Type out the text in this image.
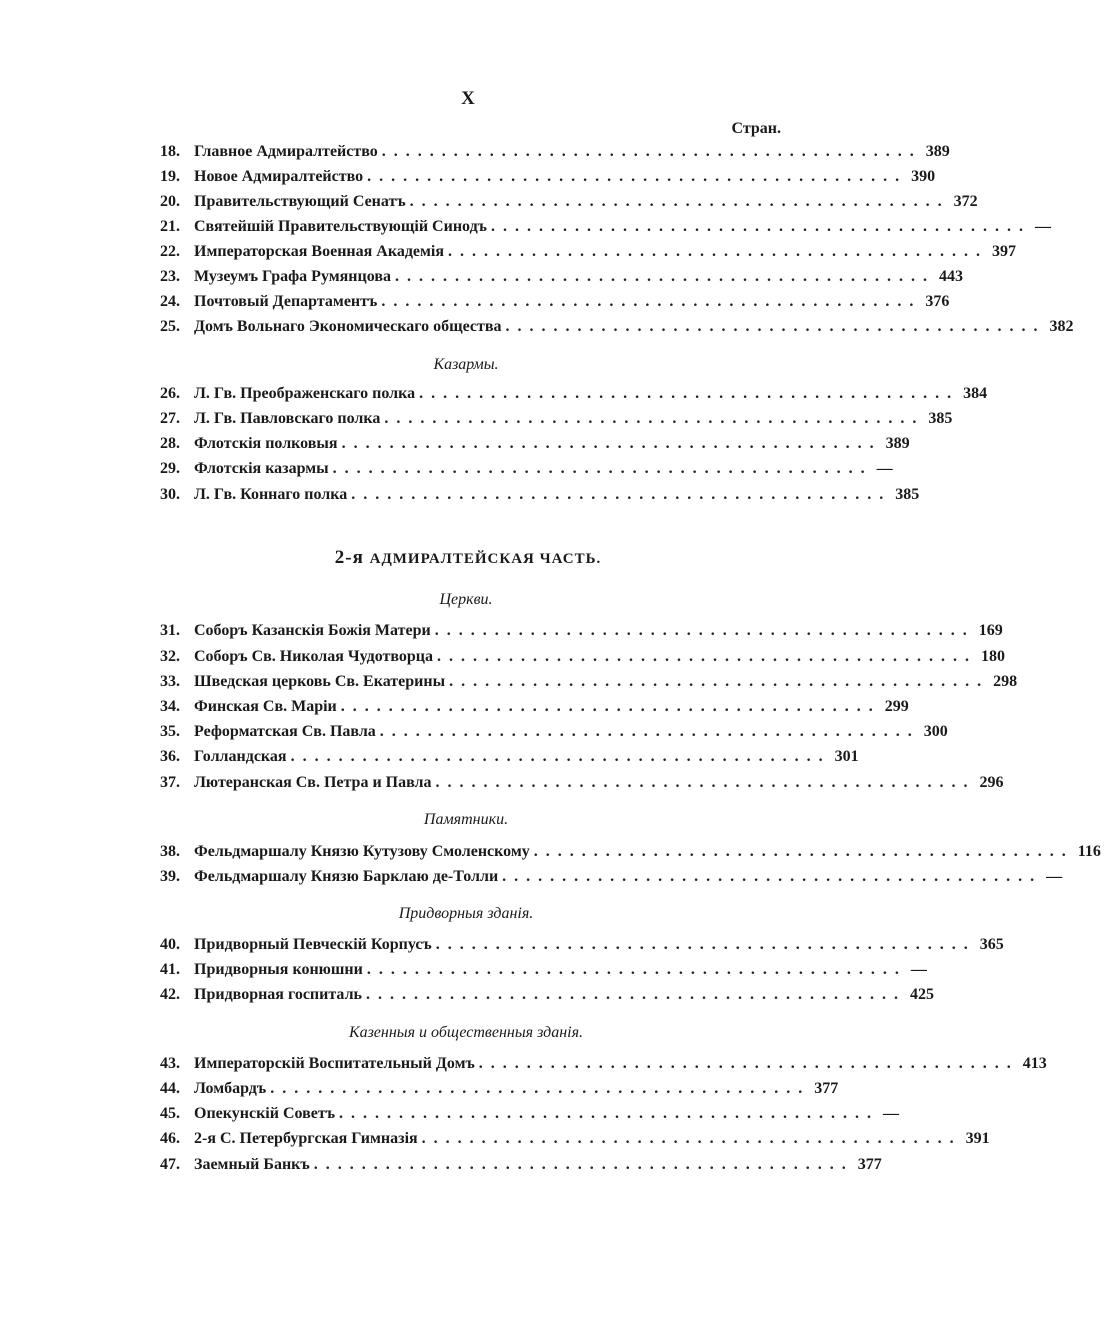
X
Стран.
18. Главное Адмиралтейство ............................................. 389
19. Новое Адмиралтейство ............................................. 390
20. Правительствующий Сенатъ ............................................. 372
21. Святейшій Правительствующій Синодъ ............................................. —
22. Императорская Военная Академія ............................................. 397
23. Музеумъ Графа Румянцова ............................................. 443
24. Почтовый Департаментъ ............................................. 376
25. Домъ Вольнаго Экономическаго общества ............................................. 382
Казармы.
26. Л. Гв. Преображенскаго полка ............................................. 384
27. Л. Гв. Павловскаго полка ............................................. 385
28. Флотскія полковыя ............................................. 389
29. Флотскія казармы ............................................. —
30. Л. Гв. Коннаго полка ............................................. 385
2-я АДМИРАЛТЕЙСКАЯ ЧАСТЬ.
Церкви.
31. Соборъ Казанскія Божія Матери ............................................. 169
32. Соборъ Св. Николая Чудотворца ............................................. 180
33. Шведская церковь Св. Екатерины ............................................. 298
34. Финская Св. Маріи ............................................. 299
35. Реформатская Св. Павла ............................................. 300
36. Голландская ............................................. 301
37. Лютеранская Св. Петра и Павла ............................................. 296
Памятники.
38. Фельдмаршалу Князю Кутузову Смоленскому ............................................. 116
39. Фельдмаршалу Князю Барклаю де-Толли ............................................. —
Придворныя зданія.
40. Придворный Певческій Корпусъ ............................................. 365
41. Придворныя конюшни ............................................. —
42. Придворная госпиталь ............................................. 425
Казенныя и общественныя зданія.
43. Императорскій Воспитательный Домъ ............................................. 413
44. Ломбардъ ............................................. 377
45. Опекунскій Советъ ............................................. —
46. 2-я С. Петербургская Гимназія ............................................. 391
47. Заемный Банкъ ............................................. 377
